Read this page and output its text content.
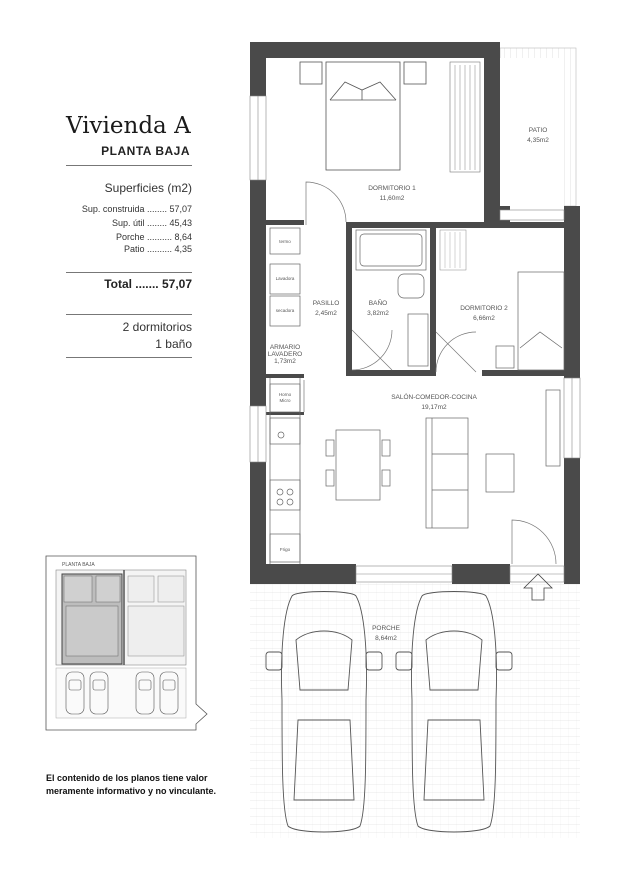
Vivienda A
PLANTA BAJA
Superficies (m2)
Sup. construida ........ 57,07
Sup. útil ........ 45,43
Porche .......... 8,64
Patio .......... 4,35
Total ....... 57,07
2 dormitorios
1 baño
El contenido de los planos tiene valor
meramente informativo y no vinculante.
PLANTA BAJA
PATIO
4,35m2
DORMITORIO 1
11,60m2
PASILLO
2,45m2
BAÑO
3,82m2
DORMITORIO 2
6,66m2
ARMARIO
LAVADERO
1,73m2
SALÓN-COMEDOR-COCINA
19,17m2
PORCHE
8,64m2
termo
Lavadora
secadora
Horno
Micro
Frigo
